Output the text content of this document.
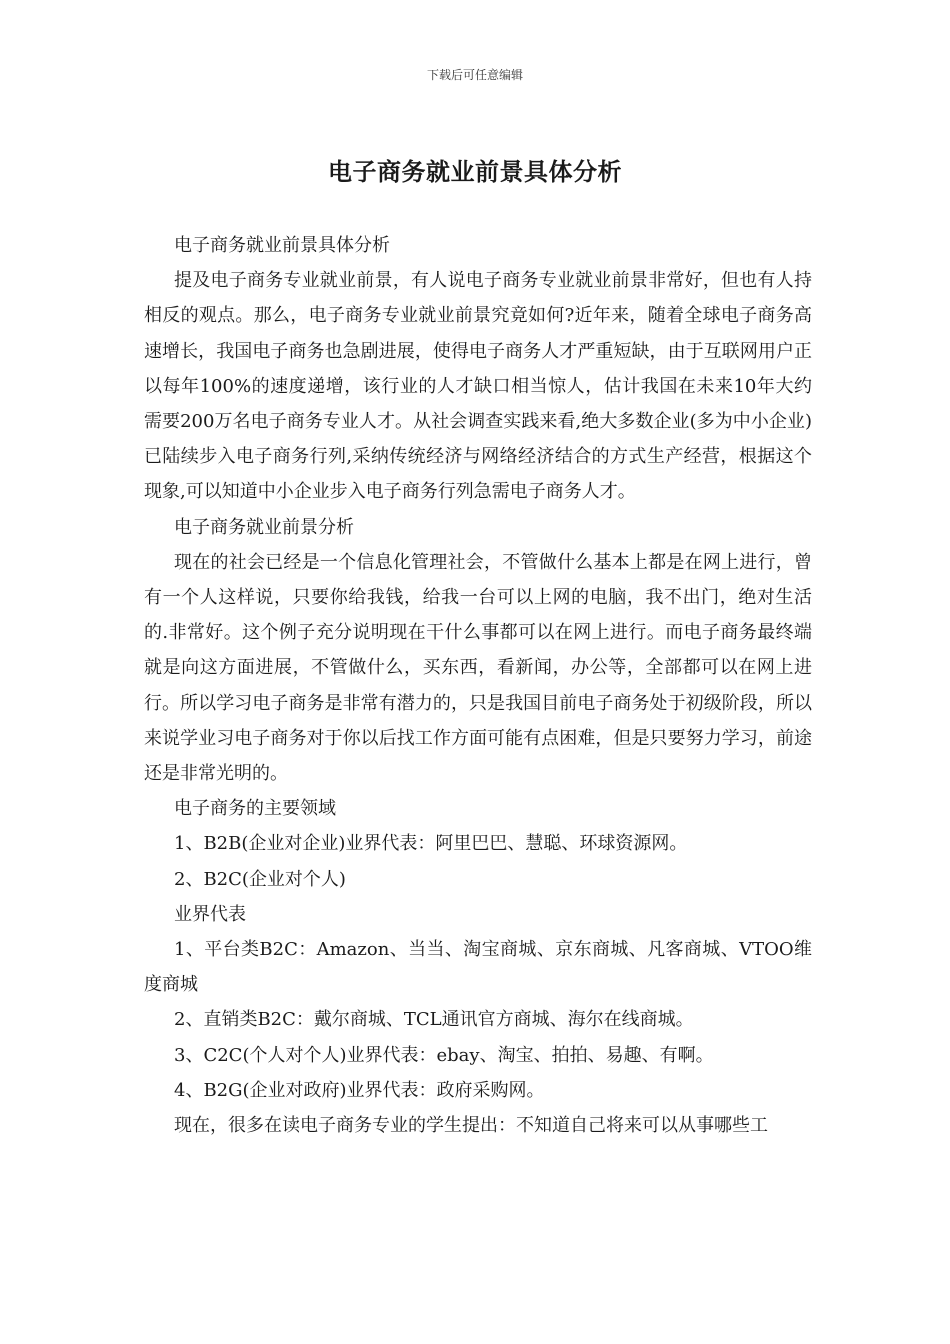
下载后可任意编辑
电子商务就业前景具体分析

电子商务就业前景具体分析

提及电子商务专业就业前景，有人说电子商务专业就业前景非常好，但也有人持相反的观点。那么，电子商务专业就业前景究竟如何?近年来，随着全球电子商务高速增长，我国电子商务也急剧进展，使得电子商务人才严重短缺，由于互联网用户正以每年100%的速度递增，该行业的人才缺口相当惊人，估计我国在未来10年大约需要200万名电子商务专业人才。从社会调查实践来看,绝大多数企业(多为中小企业)已陆续步入电子商务行列,采纳传统经济与网络经济结合的方式生产经营，根据这个现象,可以知道中小企业步入电子商务行列急需电子商务人才。

电子商务就业前景分析

现在的社会已经是一个信息化管理社会，不管做什么基本上都是在网上进行，曾有一个人这样说，只要你给我钱，给我一台可以上网的电脑，我不出门，绝对生活的.非常好。这个例子充分说明现在干什么事都可以在网上进行。而电子商务最终端就是向这方面进展，不管做什么，买东西，看新闻，办公等，全部都可以在网上进行。所以学习电子商务是非常有潜力的，只是我国目前电子商务处于初级阶段，所以来说学业习电子商务对于你以后找工作方面可能有点困难，但是只要努力学习，前途还是非常光明的。

电子商务的主要领域

1、B2B(企业对企业)业界代表：阿里巴巴、慧聪、环球资源网。

2、B2C(企业对个人)

业界代表

1、平台类B2C：Amazon、当当、淘宝商城、京东商城、凡客商城、VTOO维度商城

2、直销类B2C：戴尔商城、TCL通讯官方商城、海尔在线商城。

3、C2C(个人对个人)业界代表：ebay、淘宝、拍拍、易趣、有啊。

4、B2G(企业对政府)业界代表：政府采购网。

现在，很多在读电子商务专业的学生提出：不知道自己将来可以从事哪些工
